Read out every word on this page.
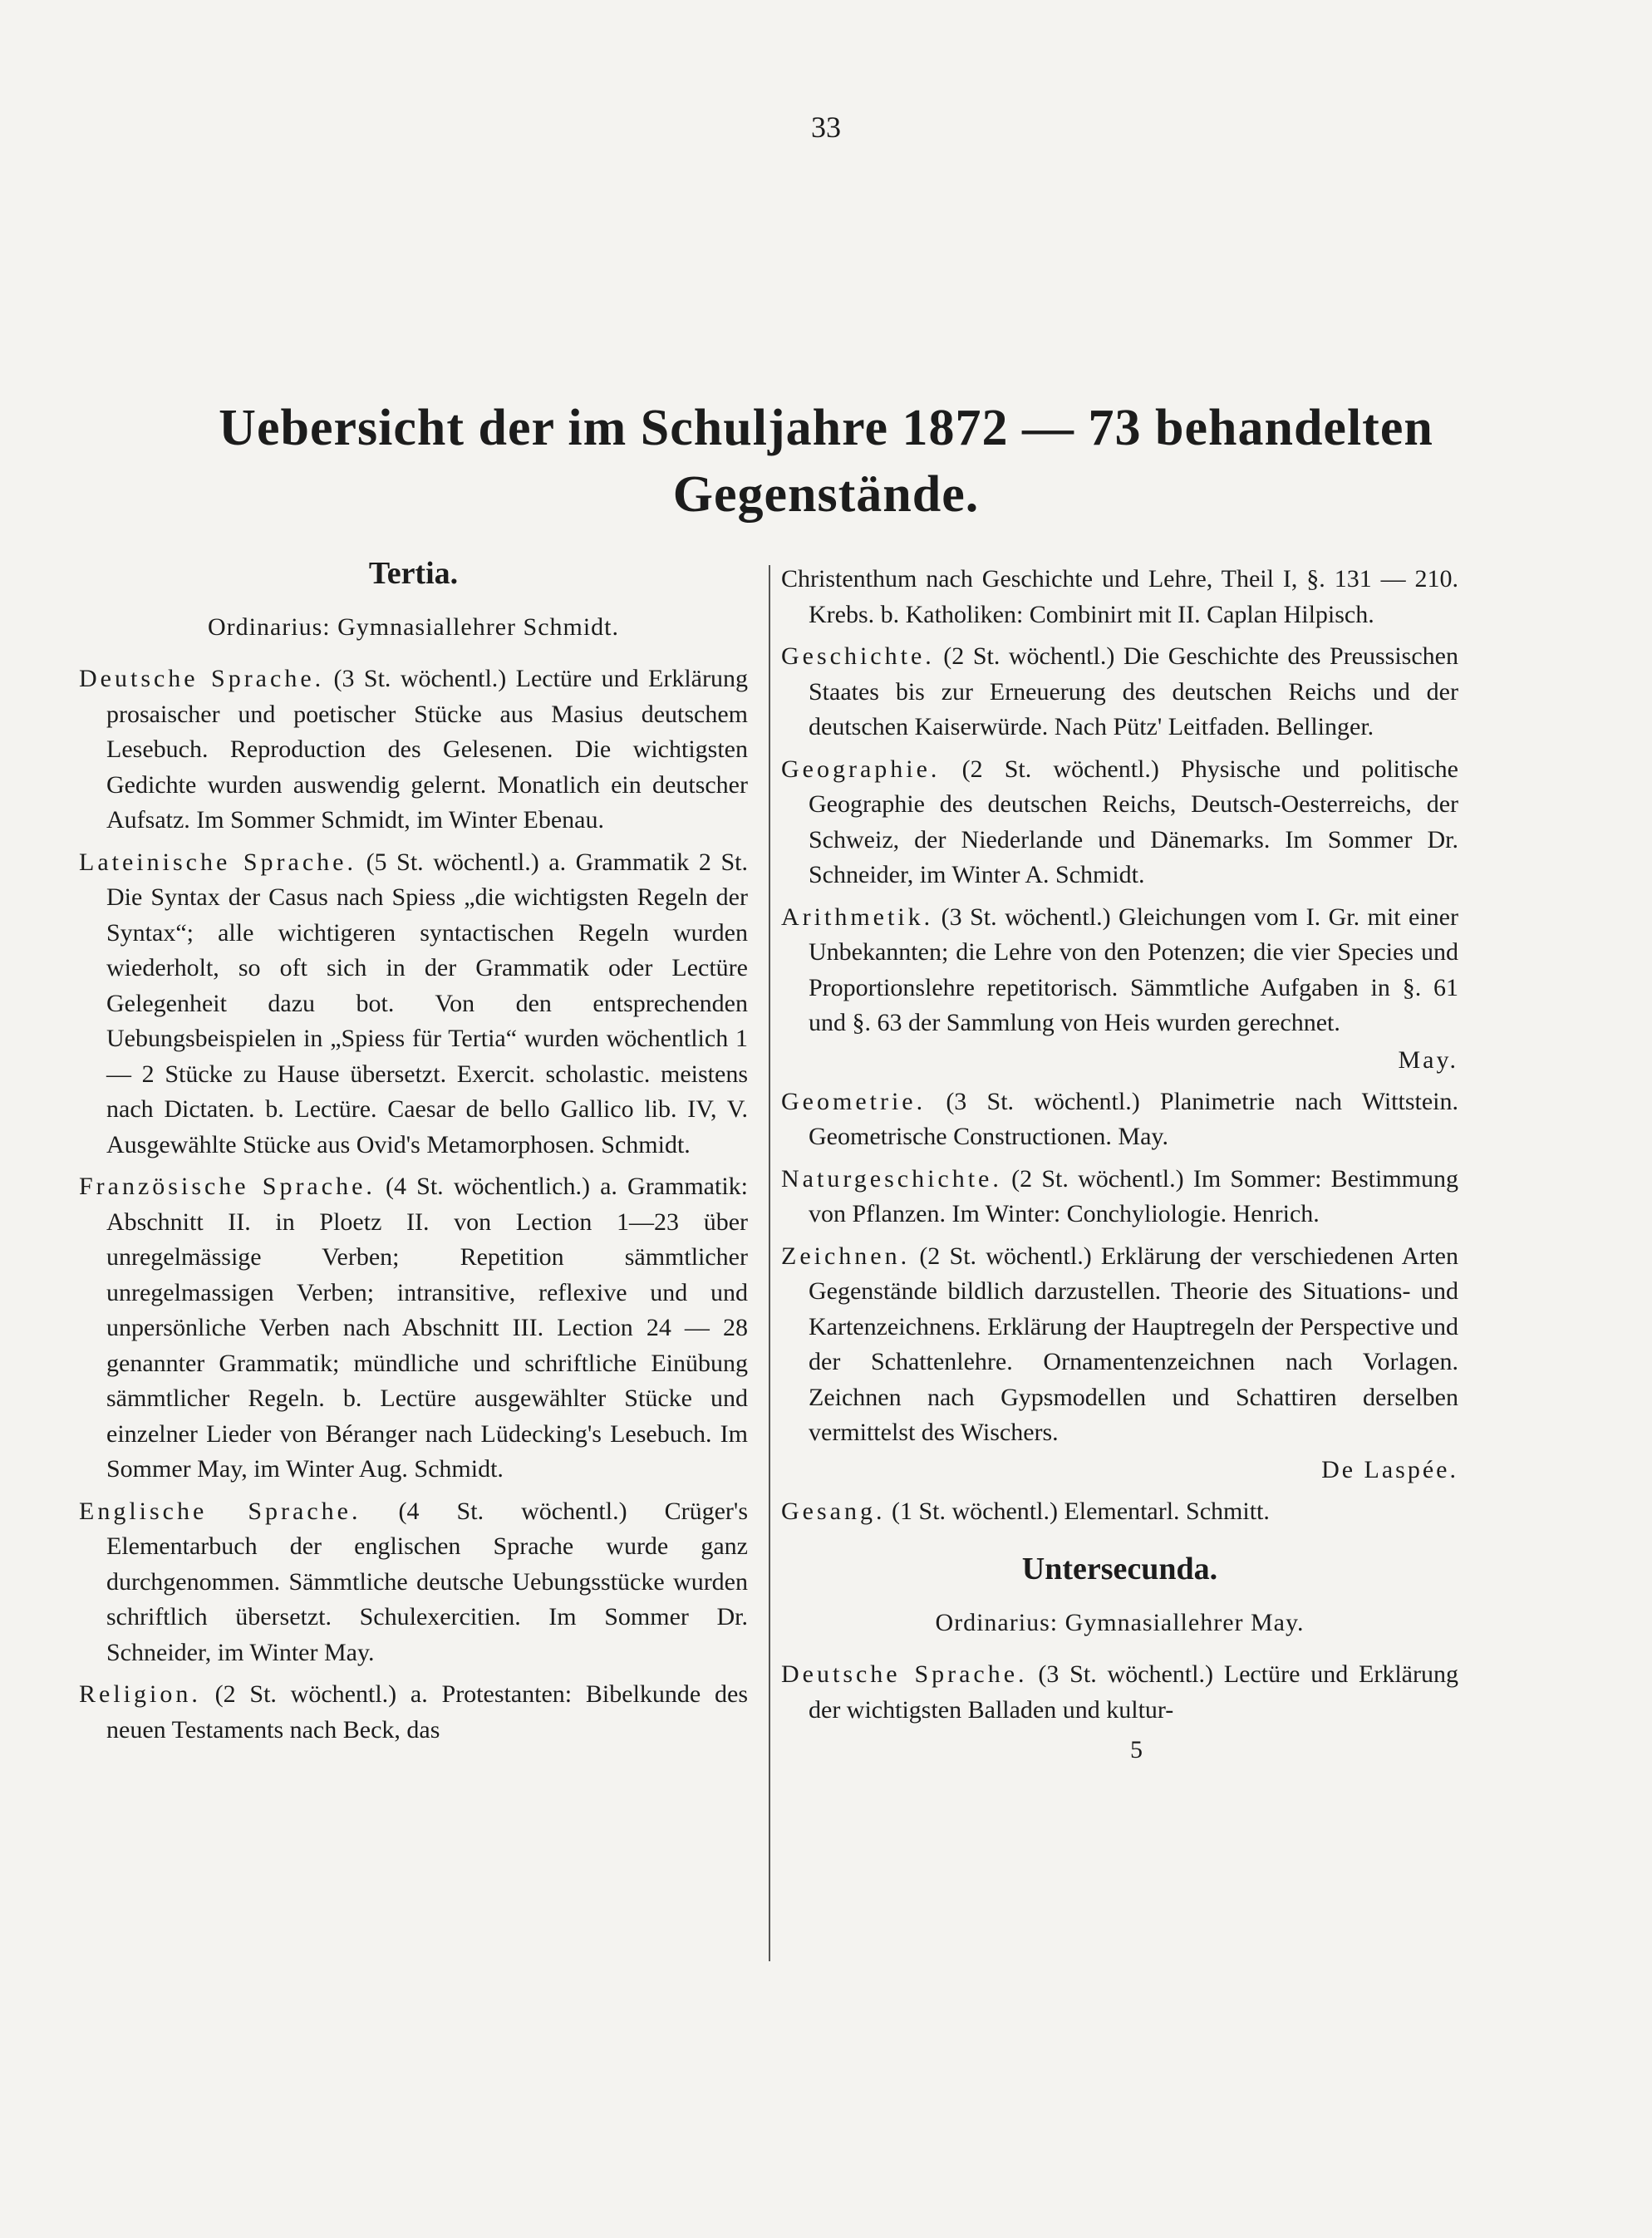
33
Uebersicht der im Schuljahre 1872 — 73 behandelten
Gegenstände.
Tertia.
Ordinarius: Gymnasiallehrer Schmidt.
Deutsche Sprache. (3 St. wöchentl.) Lectüre und Erklärung prosaischer und poetischer Stücke aus Masius deutschem Lesebuch. Reproduction des Gelesenen. Die wichtigsten Gedichte wurden auswendig gelernt. Monatlich ein deutscher Aufsatz. Im Sommer Schmidt, im Winter Ebenau.
Lateinische Sprache. (5 St. wöchentl.) a. Grammatik 2 St. Die Syntax der Casus nach Spiess „die wichtigsten Regeln der Syntax“; alle wichtigeren syntactischen Regeln wurden wiederholt, so oft sich in der Grammatik oder Lectüre Gelegenheit dazu bot. Von den entsprechenden Uebungsbeispielen in „Spiess für Tertia“ wurden wöchentlich 1 — 2 Stücke zu Hause übersetzt. Exercit. scholastic. meistens nach Dictaten. b. Lectüre. Caesar de bello Gallico lib. IV, V. Ausgewählte Stücke aus Ovid's Metamorphosen. Schmidt.
Französische Sprache. (4 St. wöchentlich.) a. Grammatik: Abschnitt II. in Ploetz II. von Lection 1—23 über unregelmässige Verben; Repetition sämmtlicher unregelmassigen Verben; intransitive, reflexive und und unpersönliche Verben nach Abschnitt III. Lection 24 — 28 genannter Grammatik; mündliche und schriftliche Einübung sämmtlicher Regeln. b. Lectüre ausgewählter Stücke und einzelner Lieder von Béranger nach Lüdecking's Lesebuch. Im Sommer May, im Winter Aug. Schmidt.
Englische Sprache. (4 St. wöchentl.) Crüger's Elementarbuch der englischen Sprache wurde ganz durchgenommen. Sämmtliche deutsche Uebungsstücke wurden schriftlich übersetzt. Schulexercitien. Im Sommer Dr. Schneider, im Winter May.
Religion. (2 St. wöchentl.) a. Protestanten: Bibelkunde des neuen Testaments nach Beck, das
Christenthum nach Geschichte und Lehre, Theil I, §. 131 — 210. Krebs. b. Katholiken: Combinirt mit II. Caplan Hilpisch.
Geschichte. (2 St. wöchentl.) Die Geschichte des Preussischen Staates bis zur Erneuerung des deutschen Reichs und der deutschen Kaiserwürde. Nach Pütz' Leitfaden. Bellinger.
Geographie. (2 St. wöchentl.) Physische und politische Geographie des deutschen Reichs, Deutsch-Oesterreichs, der Schweiz, der Niederlande und Dänemarks. Im Sommer Dr. Schneider, im Winter A. Schmidt.
Arithmetik. (3 St. wöchentl.) Gleichungen vom I. Gr. mit einer Unbekannten; die Lehre von den Potenzen; die vier Species und Proportionslehre repetitorisch. Sämmtliche Aufgaben in §. 61 und §. 63 der Sammlung von Heis wurden gerechnet.
May.
Geometrie. (3 St. wöchentl.) Planimetrie nach Wittstein. Geometrische Constructionen. May.
Naturgeschichte. (2 St. wöchentl.) Im Sommer: Bestimmung von Pflanzen. Im Winter: Conchyliologie. Henrich.
Zeichnen. (2 St. wöchentl.) Erklärung der verschiedenen Arten Gegenstände bildlich darzustellen. Theorie des Situations- und Kartenzeichnens. Erklärung der Hauptregeln der Perspective und der Schattenlehre. Ornamentenzeichnen nach Vorlagen. Zeichnen nach Gypsmodellen und Schattiren derselben vermittelst des Wischers.
De Laspée.
Gesang. (1 St. wöchentl.) Elementarl. Schmitt.
Untersecunda.
Ordinarius: Gymnasiallehrer May.
Deutsche Sprache. (3 St. wöchentl.) Lectüre und Erklärung der wichtigsten Balladen und kultur-
5
